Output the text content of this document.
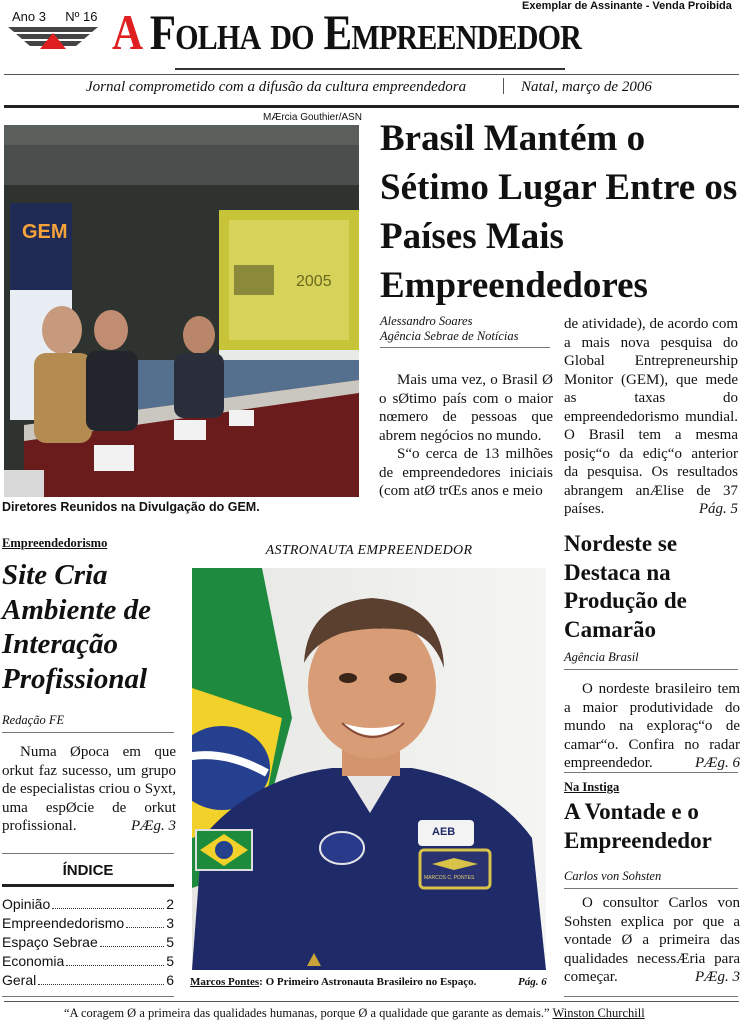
Ano 3 Nº 16
Exemplar de Assinante - Venda Proibida
A Folha do Empreendedor
Jornal comprometido com a difusão da cultura empreendedora	Natal, março de 2006
MÆrcia Gouthier/ASN
GEM
2005
Diretores Reunidos na Divulgação do GEM.
Brasil Mantém o Sétimo Lugar Entre os Países Mais Empreendedores
Alessandro Soares
Agência Sebrae de Notícias

Mais uma vez, o Brasil Ø o sØtimo país com o maior nœmero de pessoas que abrem negócios no mundo.

S“o cerca de 13 milhões de empreendedores iniciais (com atØ trŒs anos e meio

de atividade), de acordo com a mais nova pesquisa do Global Entrepreneurship Monitor (GEM), que mede as taxas do empreendedorismo mundial. O Brasil tem a mesma posiç“o da ediç“o anterior da pesquisa. Os resultados abrangem anÆlise de 37 países.	Pág. 5
Empreendedorismo
Site Cria Ambiente de Interação Profissional
Redação FE

Numa Øpoca em que orkut faz sucesso, um grupo de especialistas criou o Syxt, uma espØcie de orkut profissional.	PÆg. 3

ÍNDICE
Opinião	2
Empreendedorismo	3
Espaço Sebrae	5
Economia	5
Geral	6
ASTRONAUTA EMPREENDEDOR
AEB
MARCOS C. PONTES
Marcos Pontes: O Primeiro Astronauta Brasileiro no Espaço.	Pág. 6
Nordeste se Destaca na Produção de Camarão
Agência Brasil

O nordeste brasileiro tem a maior produtividade do mundo na exploraç“o de camar“o. Confira no radar empreendedor.	PÆg. 6

Na Instiga
A Vontade e o Empreendedor
Carlos von Sohsten

O consultor Carlos von Sohsten explica por que a vontade Ø a primeira das qualidades necessÆria para começar.	PÆg. 3

“A coragem Ø a primeira das qualidades humanas, porque Ø a qualidade que garante as demais.” Winston Churchill
